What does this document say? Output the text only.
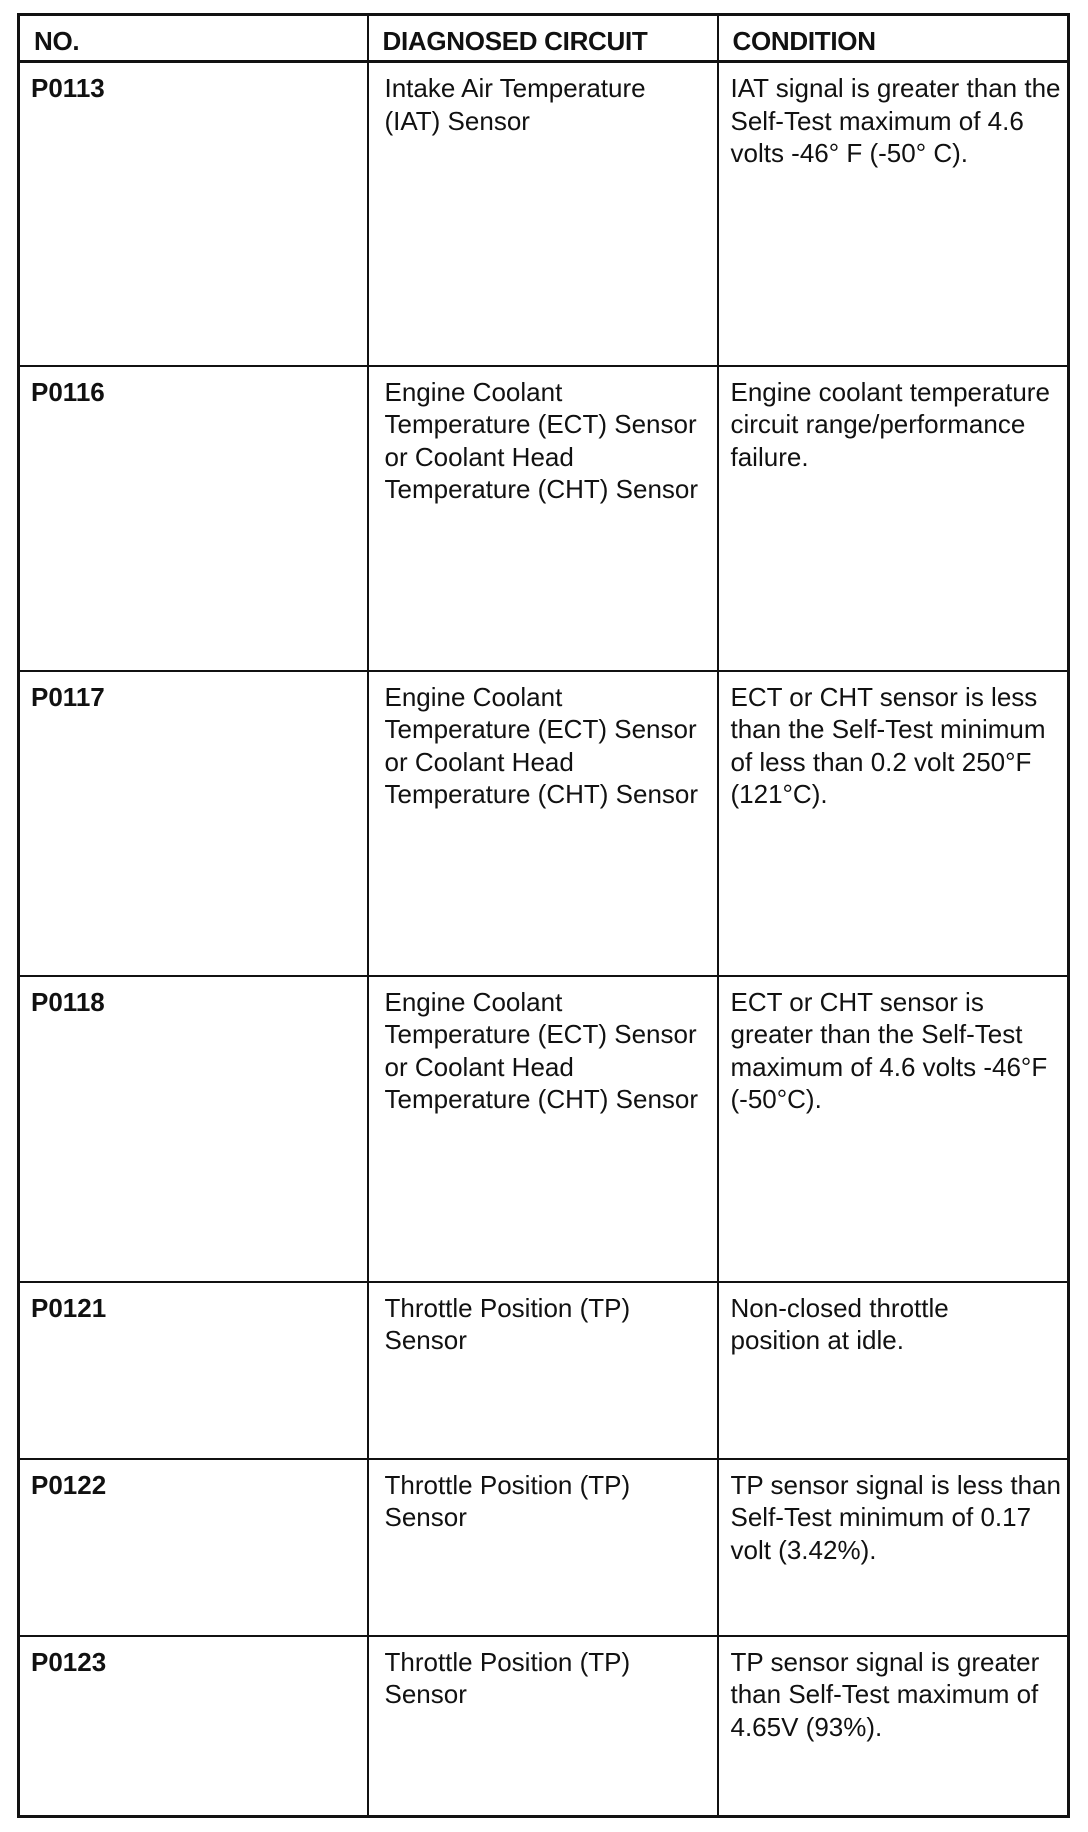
NO.	DIAGNOSED CIRCUIT	CONDITION
P0113	Intake Air Temperature (IAT) Sensor	IAT signal is greater than the Self-Test maximum of 4.6 volts -46° F (-50° C).
P0116	Engine Coolant Temperature (ECT) Sensor or Coolant Head Temperature (CHT) Sensor	Engine coolant temperature circuit range/performance failure.
P0117	Engine Coolant Temperature (ECT) Sensor or Coolant Head Temperature (CHT) Sensor	ECT or CHT sensor is less than the Self-Test minimum of less than 0.2 volt 250°F (121°C).
P0118	Engine Coolant Temperature (ECT) Sensor or Coolant Head Temperature (CHT) Sensor	ECT or CHT sensor is greater than the Self-Test maximum of 4.6 volts -46°F (-50°C).
P0121	Throttle Position (TP) Sensor	Non-closed throttle position at idle.
P0122	Throttle Position (TP) Sensor	TP sensor signal is less than Self-Test minimum of 0.17 volt (3.42%).
P0123	Throttle Position (TP) Sensor	TP sensor signal is greater than Self-Test maximum of 4.65V (93%).
